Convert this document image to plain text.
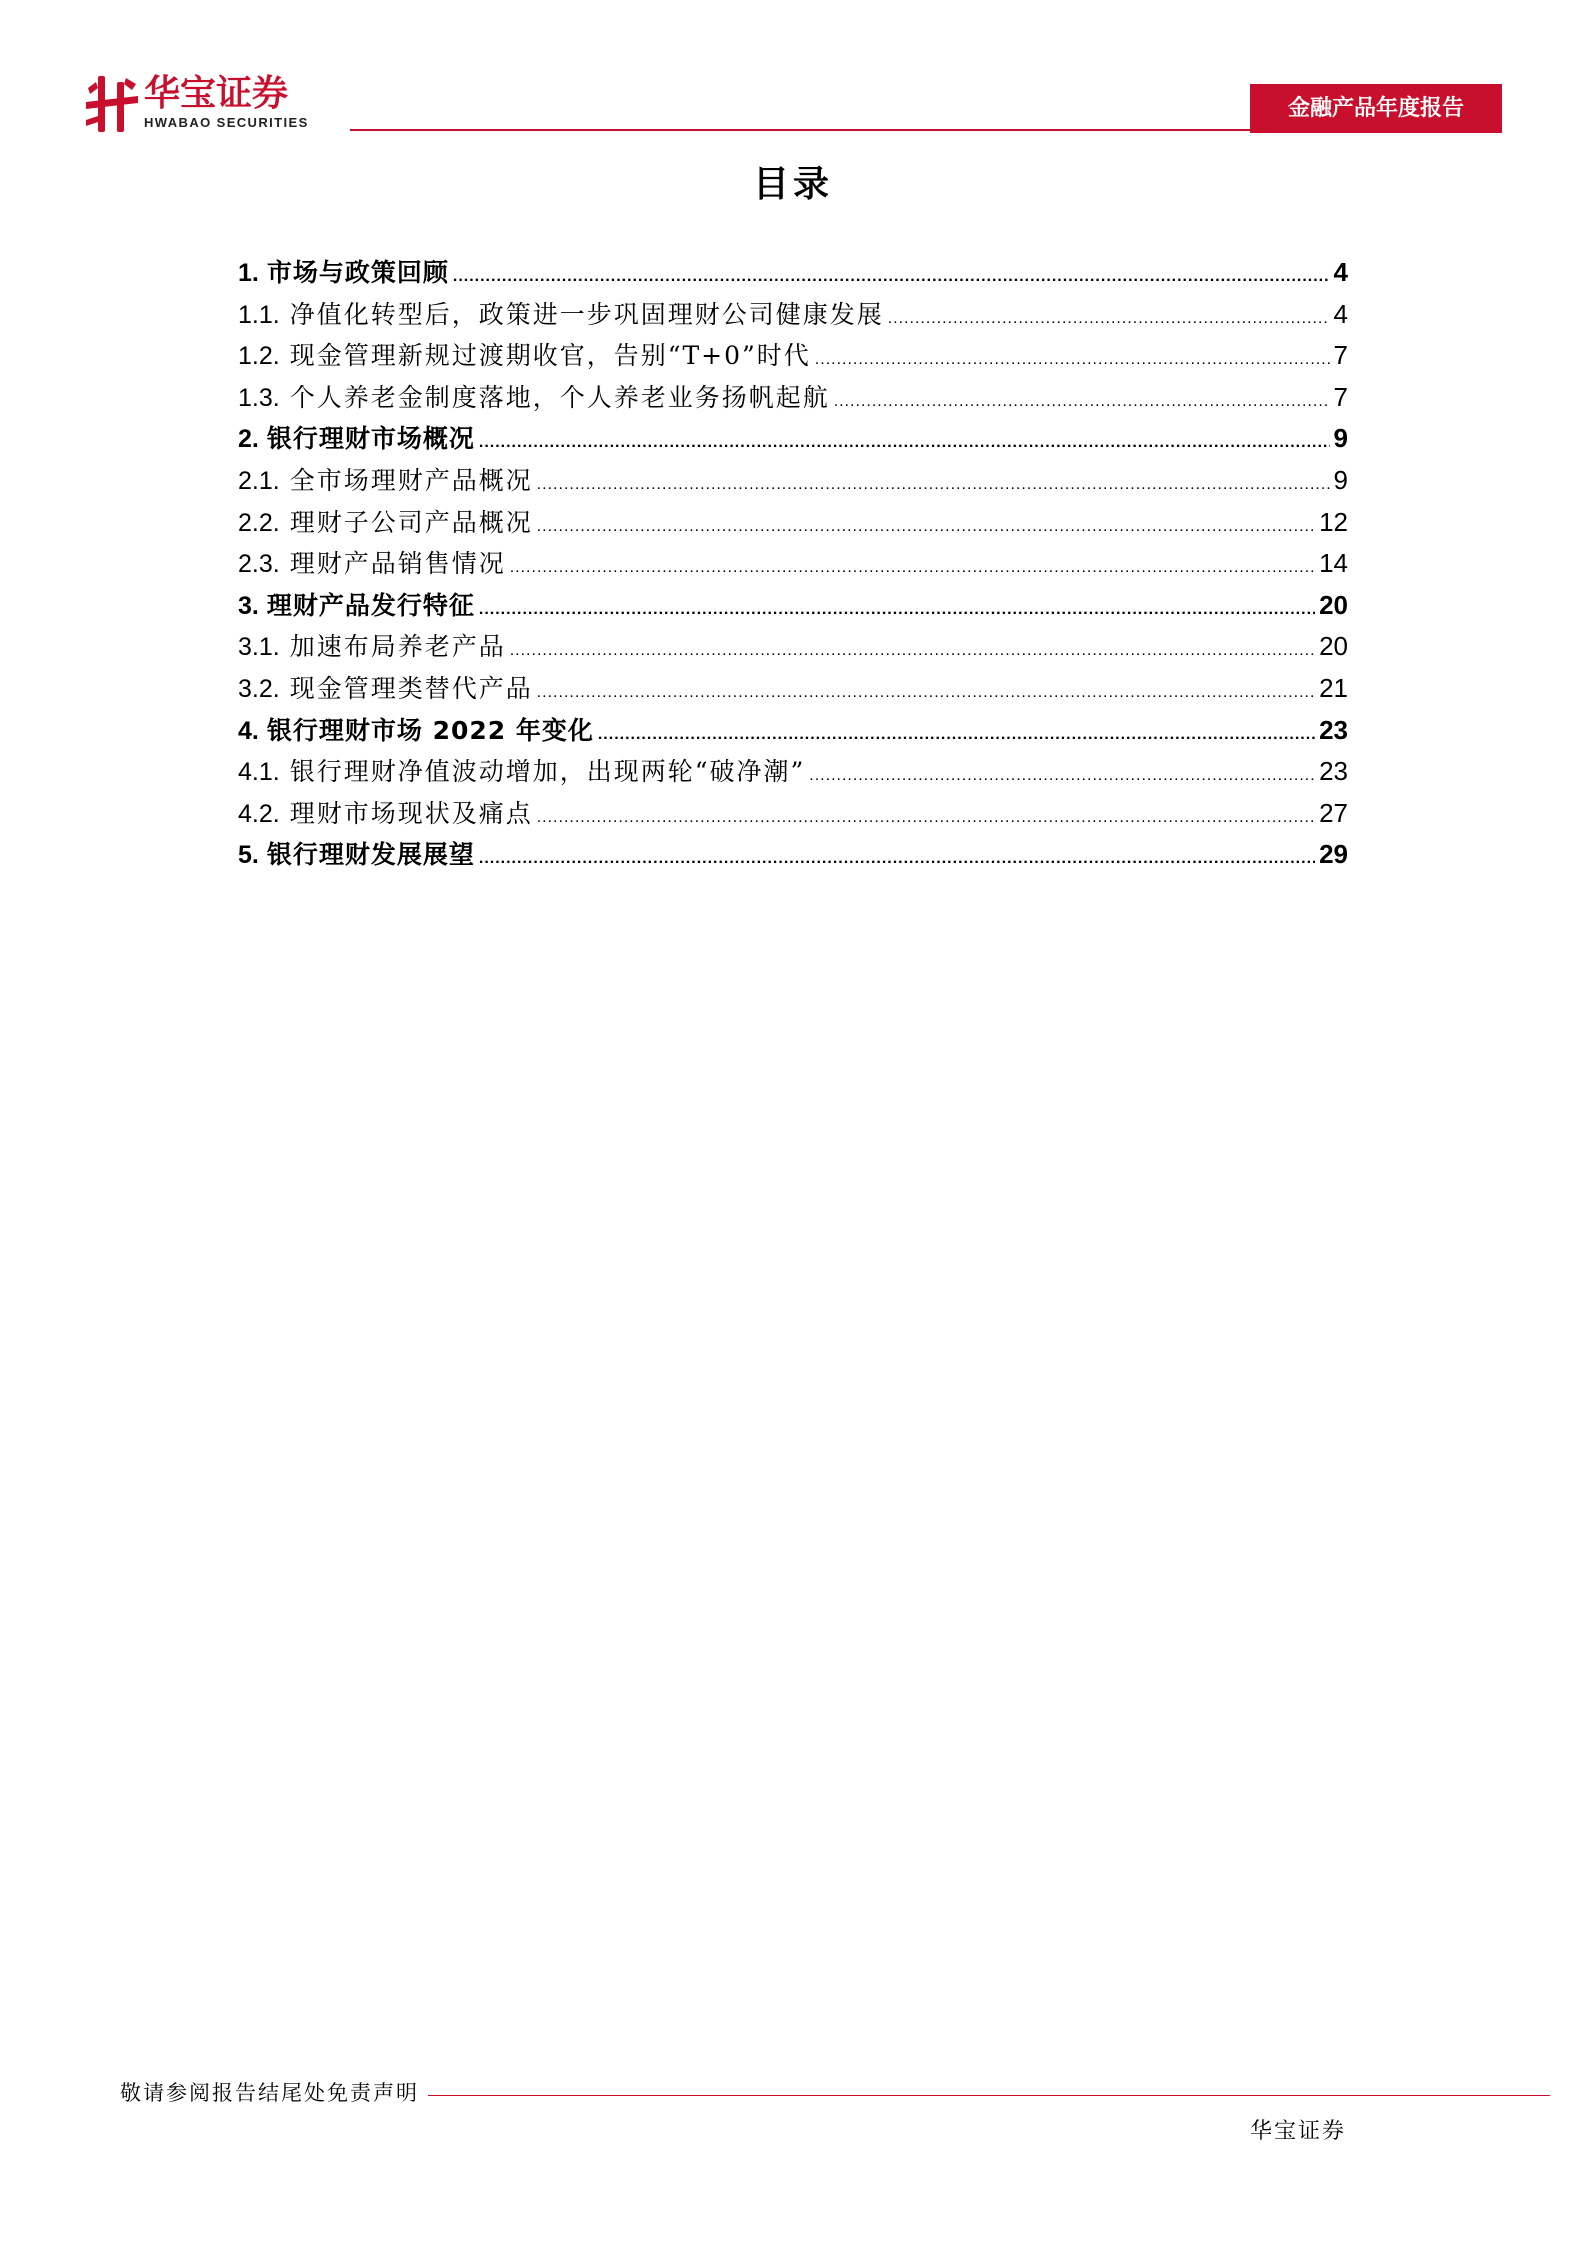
华宝证券
HWABAO SECURITIES
金融产品年度报告
目录
1. 市场与政策回顾 .....	4
1.1. 净值化转型后，政策进一步巩固理财公司健康发展 .....	4
1.2. 现金管理新规过渡期收官，告别“T+0”时代 .....	7
1.3. 个人养老金制度落地，个人养老业务扬帆起航 .....	7
2. 银行理财市场概况 .....	9
2.1. 全市场理财产品概况 .....	9
2.2. 理财子公司产品概况 .....	12
2.3. 理财产品销售情况 .....	14
3. 理财产品发行特征 .....	20
3.1. 加速布局养老产品 .....	20
3.2. 现金管理类替代产品 .....	21
4. 银行理财市场 2022 年变化 .....	23
4.1. 银行理财净值波动增加，出现两轮“破净潮” .....	23
4.2. 理财市场现状及痛点 .....	27
5. 银行理财发展展望 .....	29
敬请参阅报告结尾处免责声明
华宝证券
